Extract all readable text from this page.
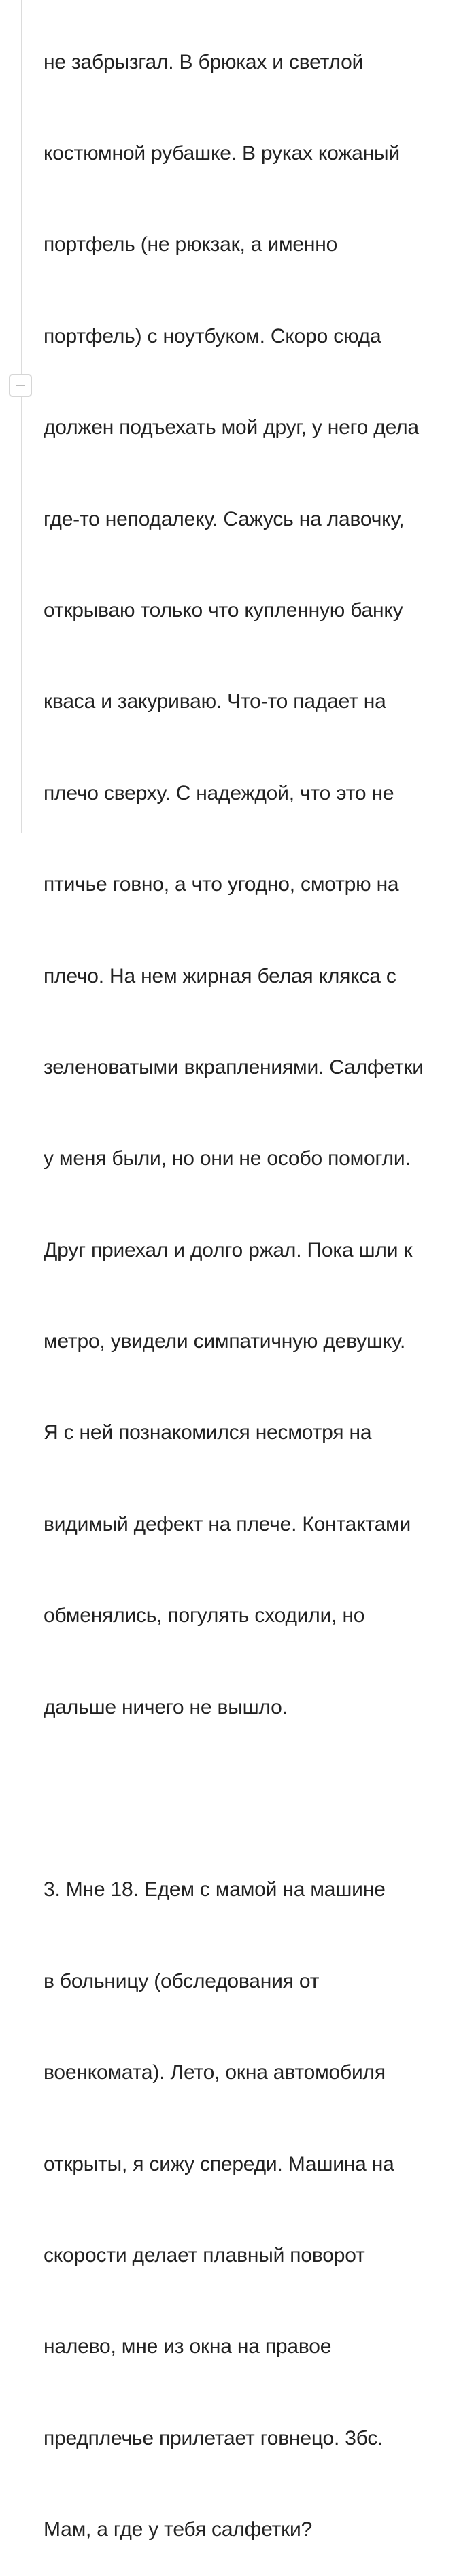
не забрызгал. В брюках и светлой

костюмной рубашке. В руках кожаный

портфель (не рюкзак, а именно

портфель) с ноутбуком. Скоро сюда

должен подъехать мой друг, у него дела

где-то неподалеку. Сажусь на лавочку,

открываю только что купленную банку

кваса и закуриваю. Что-то падает на

плечо сверху. С надеждой, что это не

птичье говно, а что угодно, смотрю на

плечо. На нем жирная белая клякса с

зеленоватыми вкраплениями. Салфетки

у меня были, но они не особо помогли.

Друг приехал и долго ржал. Пока шли к

метро, увидели симпатичную девушку.

Я с ней познакомился несмотря на

видимый дефект на плече. Контактами

обменялись, погулять сходили, но

дальше ничего не вышло.

3. Мне 18. Едем с мамой на машине

в больницу (обследования от

военкомата). Лето, окна автомобиля

открыты, я сижу спереди. Машина на

скорости делает плавный поворот

налево, мне из окна на правое

предплечье прилетает говнецо. 3бс.

Мам, а где у тебя салфетки?
